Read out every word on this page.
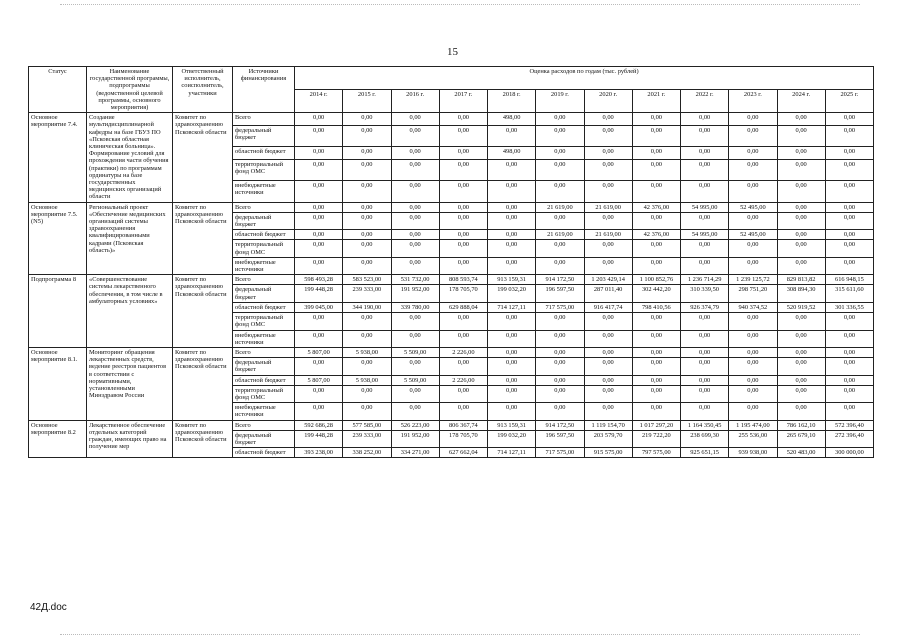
15
Статус	Наименование государственной программы, подпрограммы (ведомственной целевой программы, основного мероприятия)	Ответственный исполнитель, соисполнитель, участники	Источники финансирования	Оценка расходов по годам (тыс. рублей)											
				2014 г.	2015 г.	2016 г.	2017 г.	2018 г.	2019 г.	2020 г.	2021 г.	2022 г.	2023 г.	2024 г.	2025 г.
Основное мероприятие 7.4.	Создание мультидисциплинарной кафедры на базе ГБУЗ ПО «Псковская областная клиническая больница». Формирование условий для прохождения части обучения (практики) по программам ординатуры на базе государственных медицинских организаций области	Комитет по здравоохранению Псковской области	Всего	0,00	0,00	0,00	0,00	498,00	0,00	0,00	0,00	0,00	0,00	0,00	0,00
			федеральный бюджет	0,00	0,00	0,00	0,00	0,00	0,00	0,00	0,00	0,00	0,00	0,00	0,00
			областной бюджет	0,00	0,00	0,00	0,00	498,00	0,00	0,00	0,00	0,00	0,00	0,00	0,00
			территориальный фонд ОМС	0,00	0,00	0,00	0,00	0,00	0,00	0,00	0,00	0,00	0,00	0,00	0,00
			внебюджетные источники	0,00	0,00	0,00	0,00	0,00	0,00	0,00	0,00	0,00	0,00	0,00	0,00
Основное мероприятие 7.5. (N5)	Региональный проект «Обеспечение медицинских организаций системы здравоохранения квалифицированными кадрами (Псковская область)»	Комитет по здравоохранению Псковской области	Всего	0,00	0,00	0,00	0,00	0,00	21 619,00	21 619,00	42 376,00	54 995,00	52 495,00	0,00	0,00
			федеральный бюджет	0,00	0,00	0,00	0,00	0,00	0,00	0,00	0,00	0,00	0,00	0,00	0,00
			областной бюджет	0,00	0,00	0,00	0,00	0,00	21 619,00	21 619,00	42 376,00	54 995,00	52 495,00	0,00	0,00
			территориальный фонд ОМС	0,00	0,00	0,00	0,00	0,00	0,00	0,00	0,00	0,00	0,00	0,00	0,00
			внебюджетные источники	0,00	0,00	0,00	0,00	0,00	0,00	0,00	0,00	0,00	0,00	0,00	0,00
Подпрограмма 8	«Совершенствование системы лекарственного обеспечения, в том числе в амбулаторных условиях»	Комитет по здравоохранению Псковской области	Всего	598 493,28	583 523,00	531 732,00	808 593,74	913 159,31	914 172,50	1 203 429,14	1 100 852,76	1 236 714,29	1 239 125,72	829 813,82	616 948,15
			федеральный бюджет	199 448,28	239 333,00	191 952,00	178 705,70	199 032,20	196 597,50	287 011,40	302 442,20	310 339,50	298 751,20	308 894,30	315 611,60
			областной бюджет	399 045,00	344 190,00	339 780,00	629 888,04	714 127,11	717 575,00	916 417,74	798 410,56	926 374,79	940 374,52	520 919,52	301 336,55
			территориальный фонд ОМС	0,00	0,00	0,00	0,00	0,00	0,00	0,00	0,00	0,00	0,00	0,00	0,00
			внебюджетные источники	0,00	0,00	0,00	0,00	0,00	0,00	0,00	0,00	0,00	0,00	0,00	0,00
Основное мероприятие 8.1.	Мониторинг обращения лекарственных средств, ведение реестров пациентов в соответствии с нормативными, установленными Минздравом России	Комитет по здравоохранению Псковской области	Всего	5 807,00	5 938,00	5 509,00	2 226,00	0,00	0,00	0,00	0,00	0,00	0,00	0,00	0,00
			федеральный бюджет	0,00	0,00	0,00	0,00	0,00	0,00	0,00	0,00	0,00	0,00	0,00	0,00
			областной бюджет	5 807,00	5 938,00	5 509,00	2 226,00	0,00	0,00	0,00	0,00	0,00	0,00	0,00	0,00
			территориальный фонд ОМС	0,00	0,00	0,00	0,00	0,00	0,00	0,00	0,00	0,00	0,00	0,00	0,00
			внебюджетные источники	0,00	0,00	0,00	0,00	0,00	0,00	0,00	0,00	0,00	0,00	0,00	0,00
Основное мероприятие 8.2	Лекарственное обеспечение отдельных категорий граждан, имеющих право на получение мер	Комитет по здравоохранению Псковской области	Всего	592 686,28	577 585,00	526 223,00	806 367,74	913 159,31	914 172,50	1 119 154,70	1 017 297,20	1 164 350,45	1 195 474,00	786 162,10	572 396,40
			федеральный бюджет	199 448,28	239 333,00	191 952,00	178 705,70	199 032,20	196 597,50	203 579,70	219 722,20	238 699,30	255 536,00	265 679,10	272 396,40
			областной бюджет	393 238,00	338 252,00	334 271,00	627 662,04	714 127,11	717 575,00	915 575,00	797 575,00	925 651,15	939 938,00	520 483,00	300 000,00
42Д.doc
